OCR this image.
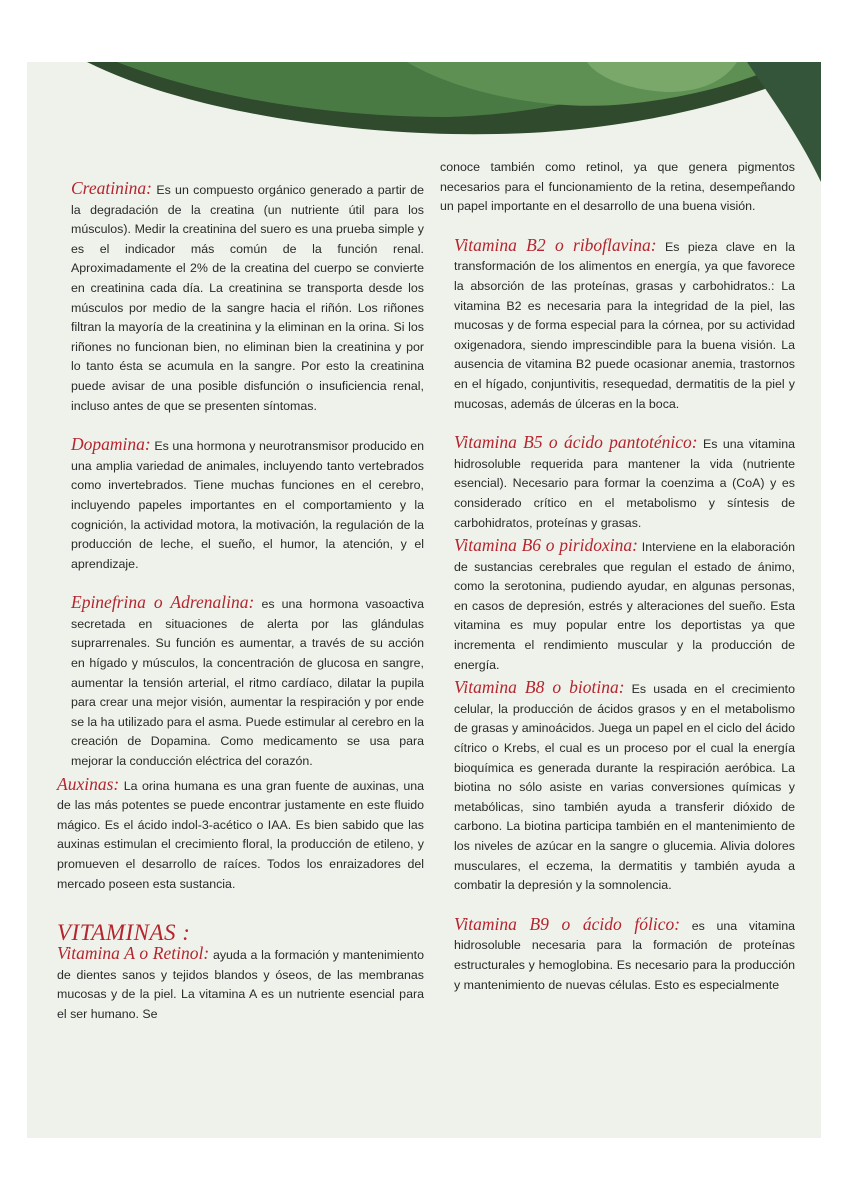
Creatinina: Es un compuesto orgánico generado a partir de la degradación de la creatina (un nutriente útil para los músculos). Medir la creatinina del suero es una prueba simple y es el indicador más común de la función renal. Aproximadamente el 2% de la creatina del cuerpo se convierte en creatinina cada día. La creatinina se transporta desde los músculos por medio de la sangre hacia el riñón. Los riñones filtran la mayoría de la creatinina y la eliminan en la orina. Si los riñones no funcionan bien, no eliminan bien la creatinina y por lo tanto ésta se acumula en la sangre. Por esto la creatinina puede avisar de una posible disfunción o insuficiencia renal, incluso antes de que se presenten síntomas.

Dopamina: Es una hormona y neurotransmisor producido en una amplia variedad de animales, incluyendo tanto vertebrados como invertebrados. Tiene muchas funciones en el cerebro, incluyendo papeles importantes en el comportamiento y la cognición, la actividad motora, la motivación, la regulación de la producción de leche, el sueño, el humor, la atención, y el aprendizaje.

Epinefrina o Adrenalina: es una hormona vasoactiva secretada en situaciones de alerta por las glándulas suprarrenales. Su función es aumentar, a través de su acción en hígado y músculos, la concentración de glucosa en sangre, aumentar la tensión arterial, el ritmo cardíaco, dilatar la pupila para crear una mejor visión, aumentar la respiración y por ende se la ha utilizado para el asma. Puede estimular al cerebro en la creación de Dopamina. Como medicamento se usa para mejorar la conducción eléctrica del corazón.

Auxinas: La orina humana es una gran fuente de auxinas, una de las más potentes se puede encontrar justamente en este fluido mágico. Es el ácido indol-3-acético o IAA. Es bien sabido que las auxinas estimulan el crecimiento floral, la producción de etileno, y promueven el desarrollo de raíces. Todos los enraizadores del mercado poseen esta sustancia.

VITAMINAS :

Vitamina A o Retinol: ayuda a la formación y mantenimiento de dientes sanos y tejidos blandos y óseos, de las membranas mucosas y de la piel. La vitamina A es un nutriente esencial para el ser humano. Se

conoce también como retinol, ya que genera pigmentos necesarios para el funcionamiento de la retina, desempeñando un papel importante en el desarrollo de una buena visión.

Vitamina B2 o riboflavina: Es pieza clave en la transformación de los alimentos en energía, ya que favorece la absorción de las proteínas, grasas y carbohidratos.: La vitamina B2 es necesaria para la integridad de la piel, las mucosas y de forma especial para la córnea, por su actividad oxigenadora, siendo imprescindible para la buena visión. La ausencia de vitamina B2 puede ocasionar anemia, trastornos en el hígado, conjuntivitis, resequedad, dermatitis de la piel y mucosas, además de úlceras en la boca.

Vitamina B5 o ácido pantoténico: Es una vitamina hidrosoluble requerida para mantener la vida (nutriente esencial). Necesario para formar la coenzima a (CoA) y es considerado crítico en el metabolismo y síntesis de carbohidratos, proteínas y grasas.

Vitamina B6 o piridoxina: Interviene en la elaboración de sustancias cerebrales que regulan el estado de ánimo, como la serotonina, pudiendo ayudar, en algunas personas, en casos de depresión, estrés y alteraciones del sueño. Esta vitamina es muy popular entre los deportistas ya que incrementa el rendimiento muscular y la producción de energía.

Vitamina B8 o biotina: Es usada en el crecimiento celular, la producción de ácidos grasos y en el metabolismo de grasas y aminoácidos. Juega un papel en el ciclo del ácido cítrico o Krebs, el cual es un proceso por el cual la energía bioquímica es generada durante la respiración aeróbica. La biotina no sólo asiste en varias conversiones químicas y metabólicas, sino también ayuda a transferir dióxido de carbono. La biotina participa también en el mantenimiento de los niveles de azúcar en la sangre o glucemia. Alivia dolores musculares, el eczema, la dermatitis y también ayuda a combatir la depresión y la somnolencia.

Vitamina B9 o ácido fólico: es una vitamina hidrosoluble necesaria para la formación de proteínas estructurales y hemoglobina. Es necesario para la producción y mantenimiento de nuevas células. Esto es especialmente
